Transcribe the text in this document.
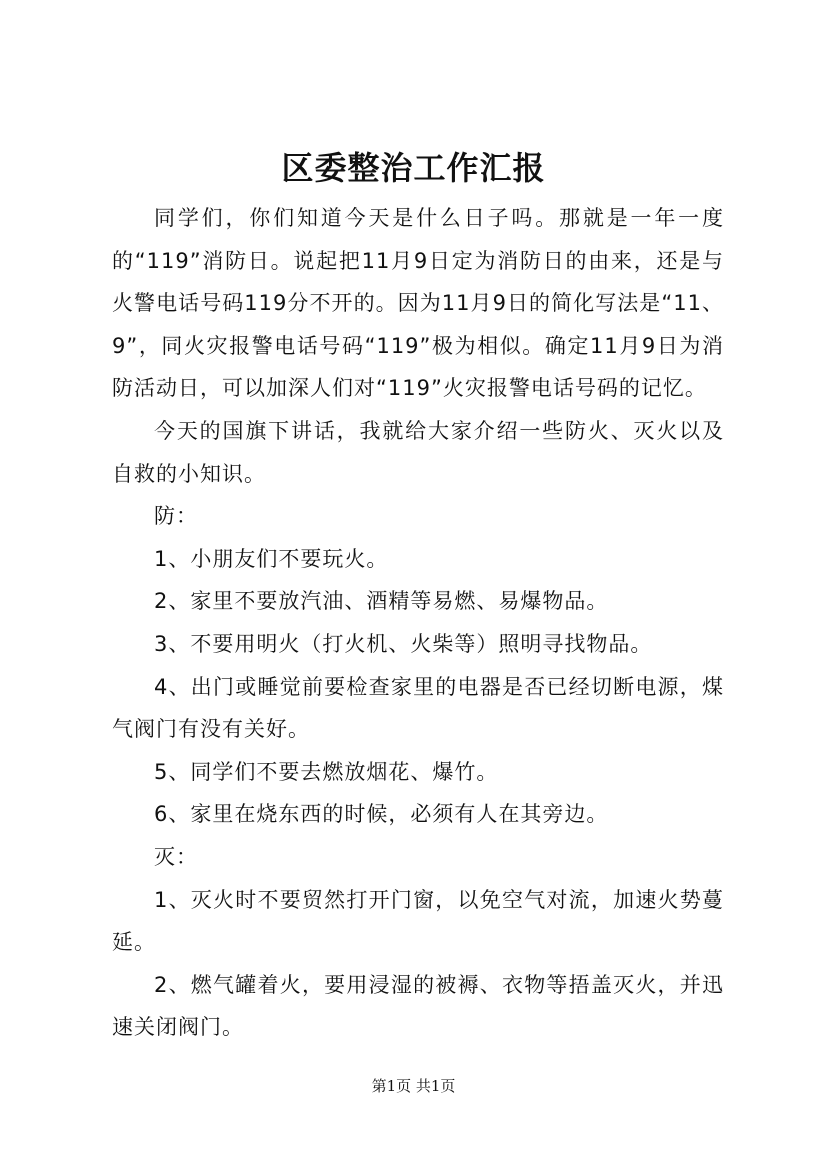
区委整治工作汇报

同学们，你们知道今天是什么日子吗。那就是一年一度的“119”消防日。说起把11月9日定为消防日的由来，还是与火警电话号码119分不开的。因为11月9日的简化写法是“11、9”，同火灾报警电话号码“119”极为相似。确定11月9日为消防活动日，可以加深人们对“119”火灾报警电话号码的记忆。

今天的国旗下讲话，我就给大家介绍一些防火、灭火以及自救的小知识。

防：

1、小朋友们不要玩火。

2、家里不要放汽油、酒精等易燃、易爆物品。

3、不要用明火（打火机、火柴等）照明寻找物品。

4、出门或睡觉前要检查家里的电器是否已经切断电源，煤气阀门有没有关好。

5、同学们不要去燃放烟花、爆竹。

6、家里在烧东西的时候，必须有人在其旁边。

灭：

1、灭火时不要贸然打开门窗，以免空气对流，加速火势蔓延。

2、燃气罐着火，要用浸湿的被褥、衣物等捂盖灭火，并迅速关闭阀门。

第1页 共1页
